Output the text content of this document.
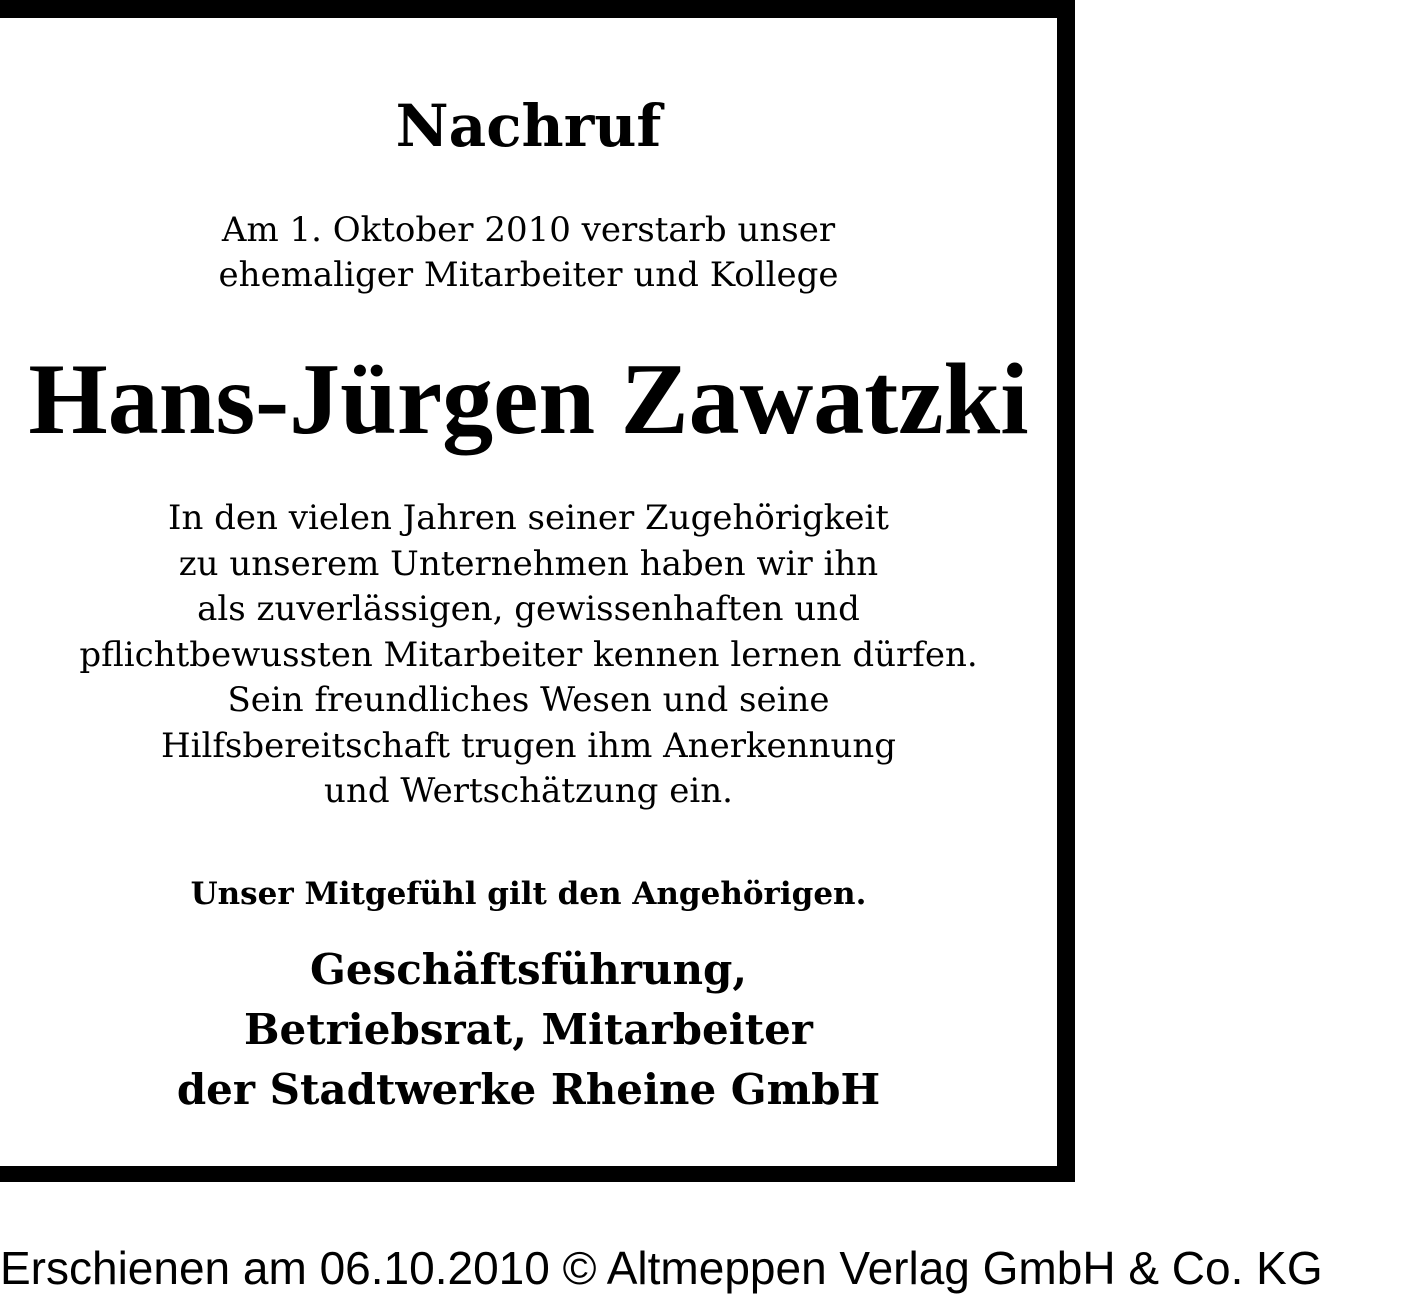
Nachruf
Am 1. Oktober 2010 verstarb unser
ehemaliger Mitarbeiter und Kollege
Hans-Jürgen Zawatzki
In den vielen Jahren seiner Zugehörigkeit
zu unserem Unternehmen haben wir ihn
als zuverlässigen, gewissenhaften und
pflichtbewussten Mitarbeiter kennen lernen dürfen.
Sein freundliches Wesen und seine
Hilfsbereitschaft trugen ihm Anerkennung
und Wertschätzung ein.
Unser Mitgefühl gilt den Angehörigen.
Geschäftsführung,
Betriebsrat, Mitarbeiter
der Stadtwerke Rheine GmbH
Erschienen am 06.10.2010 © Altmeppen Verlag GmbH & Co. KG
